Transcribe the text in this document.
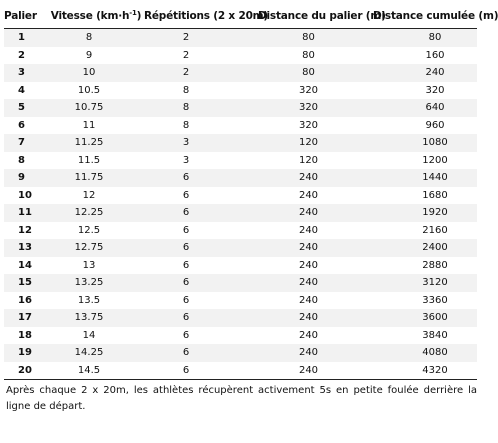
Palier	Vitesse $(km\cdot h^{-1})$	Répétitions (2 x 20m)	Distance du palier (m)	Distance cumulée (m)
1	8	2	80	80
2	9	2	80	160
3	10	2	80	240
4	10.5	8	320	320
5	10.75	8	320	640
6	11	8	320	960
7	11.25	3	120	1080
8	11.5	3	120	1200
9	11.75	6	240	1440
10	12	6	240	1680
11	12.25	6	240	1920
12	12.5	6	240	2160
13	12.75	6	240	2400
14	13	6	240	2880
15	13.25	6	240	3120
16	13.5	6	240	3360
17	13.75	6	240	3600
18	14	6	240	3840
19	14.25	6	240	4080
20	14.5	6	240	4320
Après chaque 2 x 20m, les athlètes récupèrent activement 5s en petite foulée derrière la ligne de départ.
